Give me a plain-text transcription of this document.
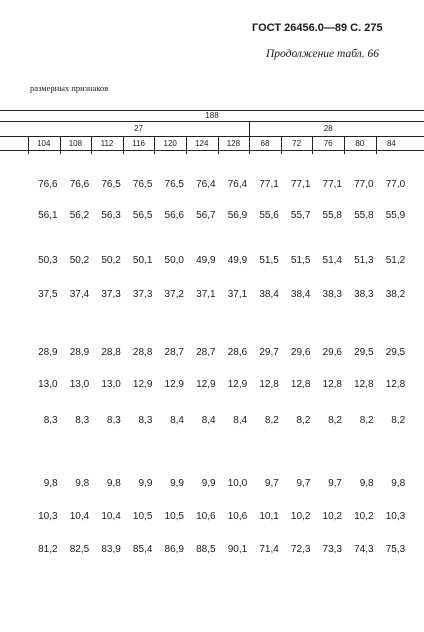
ГОСТ 26456.0—89 С. 275
Продолжение табл. 66
размерных признаков
188
27	28
104	108	112	116	120	124	128	68	72	76	80	84
76,6	76,6	76,5	76,5	76,5	76,4	76,4	77,1	77,1	77,1	77,0	77,0
56,1	56,2	56,3	56,5	56,6	56,7	56,9	55,6	55,7	55,8	55,8	55,9
50,3	50,2	50,2	50,1	50,0	49,9	49,9	51,5	51,5	51,4	51,3	51,2
37,5	37,4	37,3	37,3	37,2	37,1	37,1	38,4	38,4	38,3	38,3	38,2
28,9	28,9	28,8	28,8	28,7	28,7	28,6	29,7	29,6	29,6	29,5	29,5
13,0	13,0	13,0	12,9	12,9	12,9	12,9	12,8	12,8	12,8	12,8	12,8
8,3	8,3	8,3	8,3	8,4	8,4	8,4	8,2	8,2	8,2	8,2	8,2
9,8	9,8	9,8	9,9	9,9	9,9	10,0	9,7	9,7	9,7	9,8	9,8
10,3	10,4	10,4	10,5	10,5	10,6	10,6	10,1	10,2	10,2	10,2	10,3
81,2	82,5	83,9	85,4	86,9	88,5	90,1	71,4	72,3	73,3	74,3	75,3
